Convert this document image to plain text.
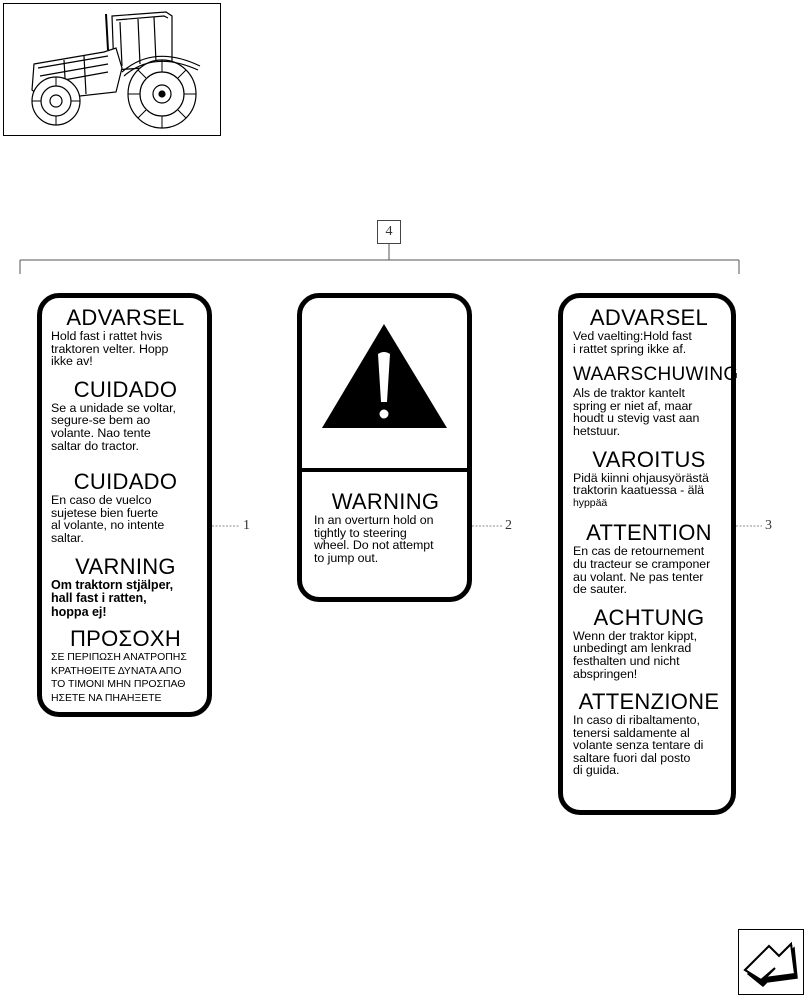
4

ADVARSEL

Hold fast i rattet hvis

traktoren velter. Hopp

ikke av!

CUIDADO

Se a unidade se voltar,

segure-se bem ao

volante. Nao tente

saltar do tractor.

CUIDADO

En caso de vuelco

sujetese bien fuerte

al volante, no intente

saltar.

VARNING

Om traktorn stjälper,

hall fast i ratten,

hoppa ej!

ΠΡΟΣΟΧΗ

ΣΕ ΠΕΡΙΠΩΣΗ ΑΝΑΤΡΟΠΗΣ

ΚΡΑΤΗΘΕΙΤΕ ΔΥΝΑΤΑ ΑΠΟ

ΤΟ ΤΙΜΟΝΙ ΜΗΝ ΠΡΟΣΠΑΘ

ΗΣΕΤΕ ΝΑ ΠΗΑΗΞΕΤΕ

WARNING

In an overturn hold on

tightly to steering

wheel. Do not attempt

to jump out.

ADVARSEL

Ved vaelting:Hold fast

i rattet spring ikke af.

WAARSCHUWING

Als de traktor kantelt

spring er niet af, maar

houdt u stevig vast aan

hetstuur.

VAROITUS

Pidä kiinni ohjausyörästä

traktorin kaatuessa - älä

hyppää

ATTENTION

En cas de retournement

du tracteur se cramponer

au volant. Ne pas tenter

de sauter.

ACHTUNG

Wenn der traktor kippt,

unbedingt am lenkrad

festhalten und nicht

abspringen!

ATTENZIONE

In caso di ribaltamento,

tenersi saldamente al

volante senza tentare di

saltare fuori dal posto

di guida.

1	2	3
